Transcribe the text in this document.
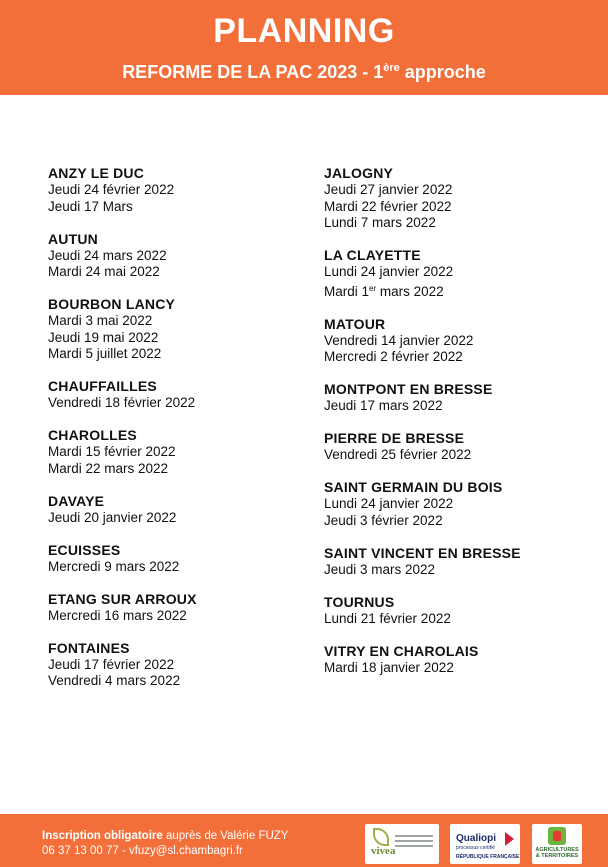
PLANNING
REFORME DE LA PAC 2023 - 1ère approche
ANZY LE DUC
Jeudi 24 février 2022
Jeudi 17 Mars
AUTUN
Jeudi 24 mars 2022
Mardi 24 mai 2022
BOURBON LANCY
Mardi 3 mai 2022
Jeudi 19 mai 2022
Mardi 5 juillet 2022
CHAUFFAILLES
Vendredi 18 février 2022
CHAROLLES
Mardi 15 février 2022
Mardi 22 mars 2022
DAVAYE
Jeudi 20 janvier 2022
ECUISSES
Mercredi 9 mars 2022
ETANG SUR ARROUX
Mercredi 16 mars 2022
FONTAINES
Jeudi 17 février 2022
Vendredi 4 mars 2022
JALOGNY
Jeudi 27 janvier 2022
Mardi 22 février 2022
Lundi 7 mars 2022
LA CLAYETTE
Lundi 24 janvier 2022
Mardi 1er mars 2022
MATOUR
Vendredi 14 janvier 2022
Mercredi 2 février 2022
MONTPONT EN BRESSE
Jeudi 17 mars 2022
PIERRE DE BRESSE
Vendredi 25 février 2022
SAINT GERMAIN DU BOIS
Lundi 24 janvier 2022
Jeudi 3 février 2022
SAINT VINCENT EN BRESSE
Jeudi 3 mars 2022
TOURNUS
Lundi 21 février 2022
VITRY EN CHAROLAIS
Mardi 18 janvier 2022
Inscription obligatoire auprès de Valérie FUZY
06 37 13 00 77 - vfuzy@sl.chambagri.fr	vivea
Qualiopi
processus certifié
RÉPUBLIQUE FRANÇAISE
AGRICULTURES & TERRITOIRES
